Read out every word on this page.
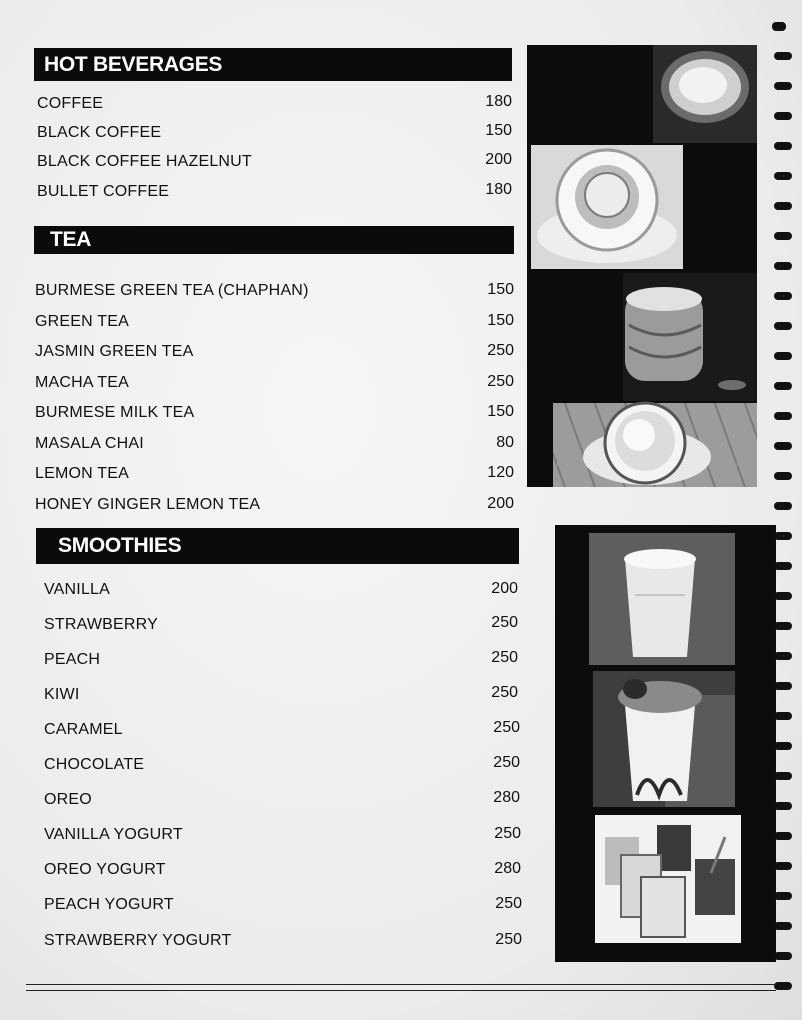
HOT BEVERAGES
COFFEE	180
BLACK COFFEE	150
BLACK COFFEE HAZELNUT	200
BULLET COFFEE	180
TEA
BURMESE GREEN TEA (CHAPHAN)	150
GREEN TEA	150
JASMIN GREEN TEA	250
MACHA TEA	250
BURMESE MILK TEA	150
MASALA CHAI	80
LEMON TEA	120
HONEY GINGER LEMON TEA	200
SMOOTHIES
VANILLA	200
STRAWBERRY	250
PEACH	250
KIWI	250
CARAMEL	250
CHOCOLATE	250
OREO	280
VANILLA YOGURT	250
OREO YOGURT	280
PEACH YOGURT	250
STRAWBERRY YOGURT	250
